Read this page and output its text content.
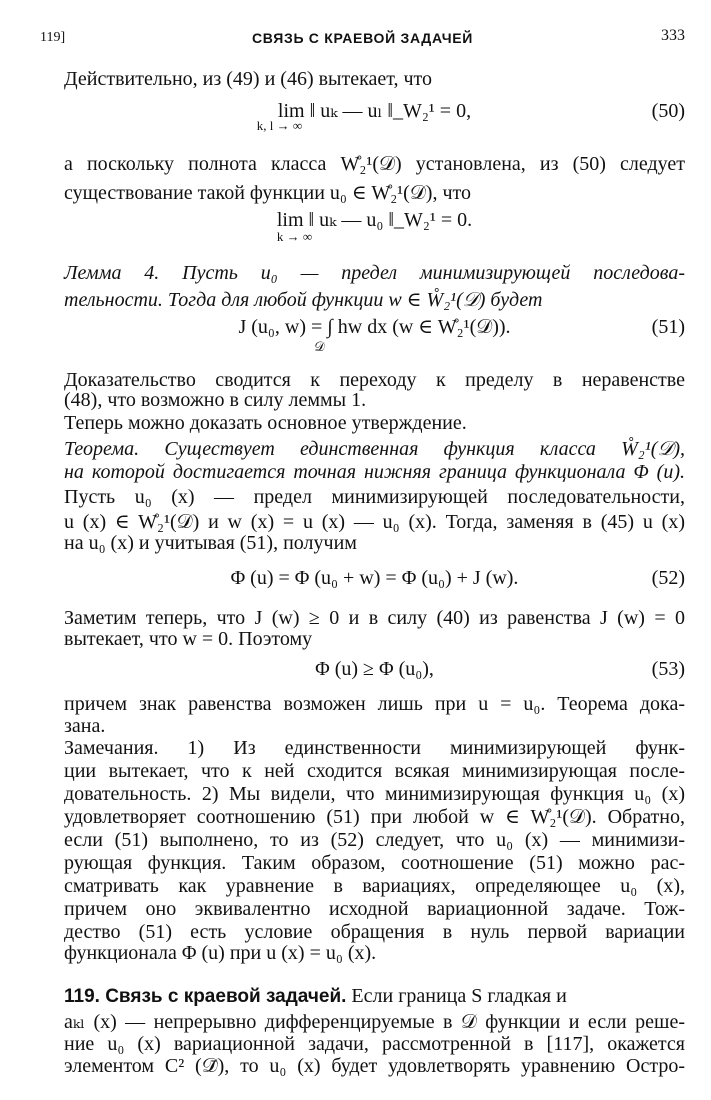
119]	СВЯЗЬ С КРАЕВОЙ ЗАДАЧЕЙ	333
Действительно, из (49) и (46) вытекает, что
lim ‖ uₖ — uₗ ‖_W₂¹ = 0,
k, l → ∞
(50)
а поскольку полнота класса W̊₂¹(𝒟) установлена, из (50) следует
существование такой функции u₀ ∈ W̊₂¹(𝒟), что
lim ‖ uₖ — u₀ ‖_W₂¹ = 0.
k → ∞
Лемма 4. Пусть u₀ — предел минимизирующей последова-
тельности. Тогда для любой функции w ∈ W̊₂¹(𝒟) будет
J (u₀, w) = ∫ hw dx (w ∈ W̊₂¹(𝒟)).
𝒟
(51)
Доказательство сводится к переходу к пределу в неравенстве
(48), что возможно в силу леммы 1.
Теперь можно доказать основное утверждение.
Теорема. Существует единственная функция класса W̊₂¹(𝒟),
на которой достигается точная нижняя граница функционала Φ (u).
Пусть u₀ (x) — предел минимизирующей последовательности,
u (x) ∈ W̊₂¹(𝒟) и w (x) = u (x) — u₀ (x). Тогда, заменяя в (45) u (x)
на u₀ (x) и учитывая (51), получим
Φ (u) = Φ (u₀ + w) = Φ (u₀) + J (w).	(52)
Заметим теперь, что J (w) ≥ 0 и в силу (40) из равенства J (w) = 0
вытекает, что w = 0. Поэтому
Φ (u) ≥ Φ (u₀),	(53)
причем знак равенства возможен лишь при u = u₀. Теорема дока-
зана.
Замечания. 1) Из единственности минимизирующей функ-
ции вытекает, что к ней сходится всякая минимизирующая после-
довательность. 2) Мы видели, что минимизирующая функция u₀ (x)
удовлетворяет соотношению (51) при любой w ∈ W̊₂¹(𝒟). Обратно,
если (51) выполнено, то из (52) следует, что u₀ (x) — минимизи-
рующая функция. Таким образом, соотношение (51) можно рас-
сматривать как уравнение в вариациях, определяющее u₀ (x),
причем оно эквивалентно исходной вариационной задаче. Тож-
дество (51) есть условие обращения в нуль первой вариации
функционала Φ (u) при u (x) = u₀ (x).
119. Связь с краевой задачей. Если граница S гладкая и
aₖₗ (x) — непрерывно дифференцируемые в 𝒟 функции и если реше-
ние u₀ (x) вариационной задачи, рассмотренной в [117], окажется
элементом C² (𝒟̄), то u₀ (x) будет удовлетворять уравнению Остро-
